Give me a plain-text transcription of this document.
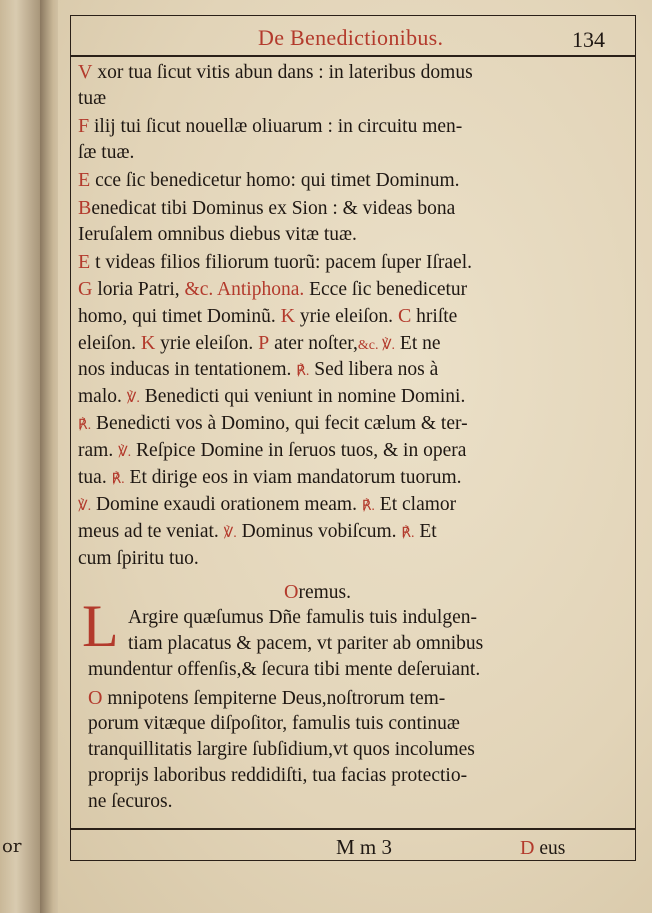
or
De Benedictionibus.	134
V xor tua ſicut vitis abun dans : in lateribus domus
tuæ
F ilij tui ſicut nouellæ oliuarum : in circuitu men-
ſæ tuæ.
E cce ſic benedicetur homo: qui timet Dominum.
Benedicat tibi Dominus ex Sion : & videas bona
Ieruſalem omnibus diebus vitæ tuæ.
E t videas filios filiorum tuorũ: pacem ſuper Iſrael.
G loria Patri, &c. Antiphona. Ecce ſic benedicetur
homo, qui timet Dominũ. K yrie eleiſon. C hriſte
eleiſon. K yrie eleiſon. P ater noſter,&c. ℣. Et ne
nos inducas in tentationem. ℟. Sed libera nos à
malo. ℣. Benedicti qui veniunt in nomine Domini.
℟. Benedicti vos à Domino, qui fecit cælum & ter-
ram. ℣. Reſpice Domine in ſeruos tuos, & in opera
tua. ℟. Et dirige eos in viam mandatorum tuorum.
℣. Domine exaudi orationem meam. ℟. Et clamor
meus ad te veniat. ℣. Dominus vobiſcum. ℟. Et
cum ſpiritu tuo.
Oremus.
L Argire quæſumus Dñe famulis tuis indulgen-
tiam placatus & pacem, vt pariter ab omnibus
mundentur offenſis,& ſecura tibi mente deſeruiant.
O mnipotens ſempiterne Deus,noſtrorum tem-
porum vitæque diſpoſitor, famulis tuis continuæ
tranquillitatis largire ſubſidium,vt quos incolumes
proprijs laboribus reddidiſti, tua facias protectio-
ne ſecuros.
M m 3	D eus
